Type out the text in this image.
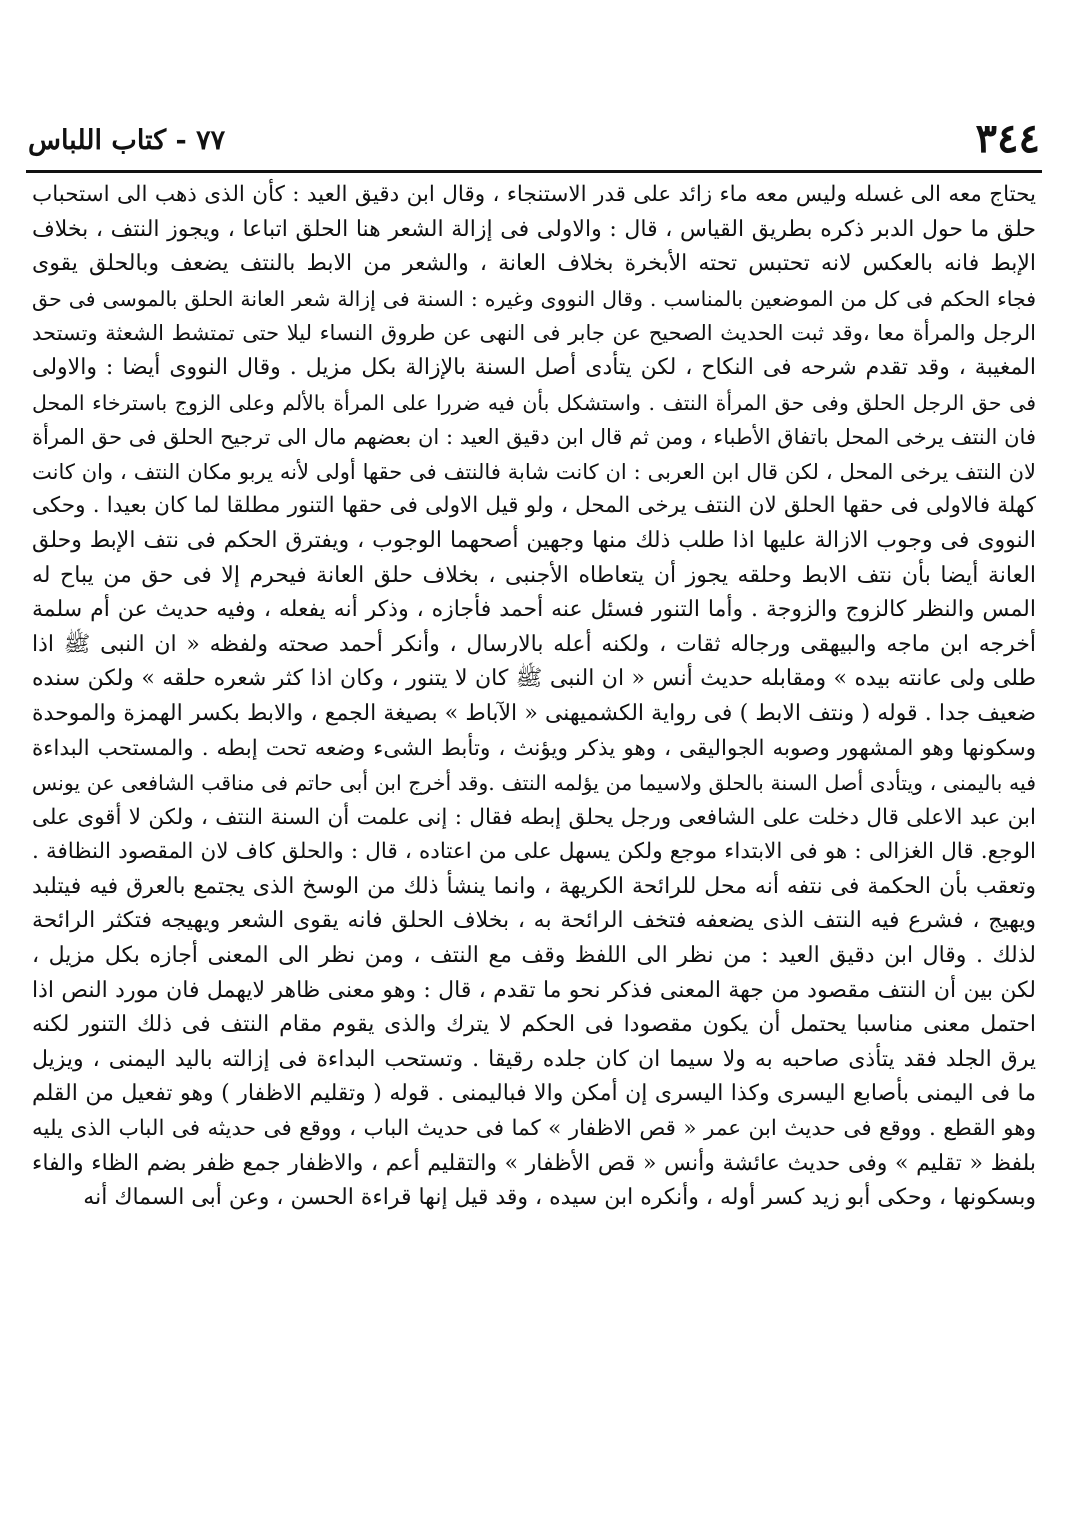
٣٤٤
٧٧ - كتاب اللباس
يحتاج معه الى غسله وليس معه ماء زائد على قدر الاستنجاء ، وقال ابن دقيق العيد : كأن الذى ذهب الى استحباب
حلق ما حول الدبر ذكره بطريق القياس ، قال : والاولى فى إزالة الشعر هنا الحلق اتباعا ، ويجوز النتف ، بخلاف
الإبط فانه بالعكس لانه تحتبس تحته الأبخرة بخلاف العانة ، والشعر من الابط بالنتف يضعف وبالحلق يقوى
فجاء الحكم فى كل من الموضعين بالمناسب . وقال النووى وغيره : السنة فى إزالة شعر العانة الحلق بالموسى فى حق
الرجل والمرأة معا ،وقد ثبت الحديث الصحيح عن جابر فى النهى عن طروق النساء ليلا حتى تمتشط الشعثة وتستحد
المغيبة ، وقد تقدم شرحه فى النكاح ، لكن يتأدى أصل السنة بالإزالة بكل مزيل . وقال النووى أيضا : والاولى
فى حق الرجل الحلق وفى حق المرأة النتف . واستشكل بأن فيه ضررا على المرأة بالألم وعلى الزوج باسترخاء المحل
فان النتف يرخى المحل باتفاق الأطباء ، ومن ثم قال ابن دقيق العيد : ان بعضهم مال الى ترجيح الحلق فى حق المرأة
لان النتف يرخى المحل ، لكن قال ابن العربى : ان كانت شابة فالنتف فى حقها أولى لأنه يربو مكان النتف ، وان كانت
كهلة فالاولى فى حقها الحلق لان النتف يرخى المحل ، ولو قيل الاولى فى حقها التنور مطلقا لما كان بعيدا . وحكى
النووى فى وجوب الازالة عليها اذا طلب ذلك منها وجهين أصحهما الوجوب ، ويفترق الحكم فى نتف الإبط وحلق
العانة أيضا بأن نتف الابط وحلقه يجوز أن يتعاطاه الأجنبى ، بخلاف حلق العانة فيحرم إلا فى حق من يباح له
المس والنظر كالزوج والزوجة . وأما التنور فسئل عنه أحمد فأجازه ، وذكر أنه يفعله ، وفيه حديث عن أم سلمة
أخرجه ابن ماجه والبيهقى ورجاله ثقات ، ولكنه أعله بالارسال ، وأنكر أحمد صحته ولفظه « ان النبى ﷺ اذا
طلى ولى عانته بيده » ومقابله حديث أنس « ان النبى ﷺ كان لا يتنور ، وكان اذا كثر شعره حلقه » ولكن سنده
ضعيف جدا . قوله ( ونتف الابط ) فى رواية الكشميهنى « الآباط » بصيغة الجمع ، والابط بكسر الهمزة والموحدة
وسكونها وهو المشهور وصوبه الجواليقى ، وهو يذكر ويؤنث ، وتأبط الشىء وضعه تحت إبطه . والمستحب البداءة
فيه باليمنى ، ويتأدى أصل السنة بالحلق ولاسيما من يؤلمه النتف .وقد أخرج ابن أبى حاتم فى مناقب الشافعى عن يونس
ابن عبد الاعلى قال دخلت على الشافعى ورجل يحلق إبطه فقال : إنى علمت أن السنة النتف ، ولكن لا أقوى على
الوجع. قال الغزالى : هو فى الابتداء موجع ولكن يسهل على من اعتاده ، قال : والحلق كاف لان المقصود النظافة .
وتعقب بأن الحكمة فى نتفه أنه محل للرائحة الكريهة ، وانما ينشأ ذلك من الوسخ الذى يجتمع بالعرق فيه فيتلبد
ويهيج ، فشرع فيه النتف الذى يضعفه فتخف الرائحة به ، بخلاف الحلق فانه يقوى الشعر ويهيجه فتكثر الرائحة
لذلك . وقال ابن دقيق العيد : من نظر الى اللفظ وقف مع النتف ، ومن نظر الى المعنى أجازه بكل مزيل ،
لكن بين أن النتف مقصود من جهة المعنى فذكر نحو ما تقدم ، قال : وهو معنى ظاهر لايهمل فان مورد النص اذا
احتمل معنى مناسبا يحتمل أن يكون مقصودا فى الحكم لا يترك والذى يقوم مقام النتف فى ذلك التنور لكنه
يرق الجلد فقد يتأذى صاحبه به ولا سيما ان كان جلده رقيقا . وتستحب البداءة فى إزالته باليد اليمنى ، ويزيل
ما فى اليمنى بأصابع اليسرى وكذا اليسرى إن أمكن والا فباليمنى . قوله ( وتقليم الاظفار ) وهو تفعيل من القلم
وهو القطع . ووقع فى حديث ابن عمر « قص الاظفار » كما فى حديث الباب ، ووقع فى حديثه فى الباب الذى يليه
بلفظ « تقليم » وفى حديث عائشة وأنس « قص الأظفار » والتقليم أعم ، والاظفار جمع ظفر بضم الظاء والفاء
وبسكونها ، وحكى أبو زيد كسر أوله ، وأنكره ابن سيده ، وقد قيل إنها قراءة الحسن ، وعن أبى السماك أنه
